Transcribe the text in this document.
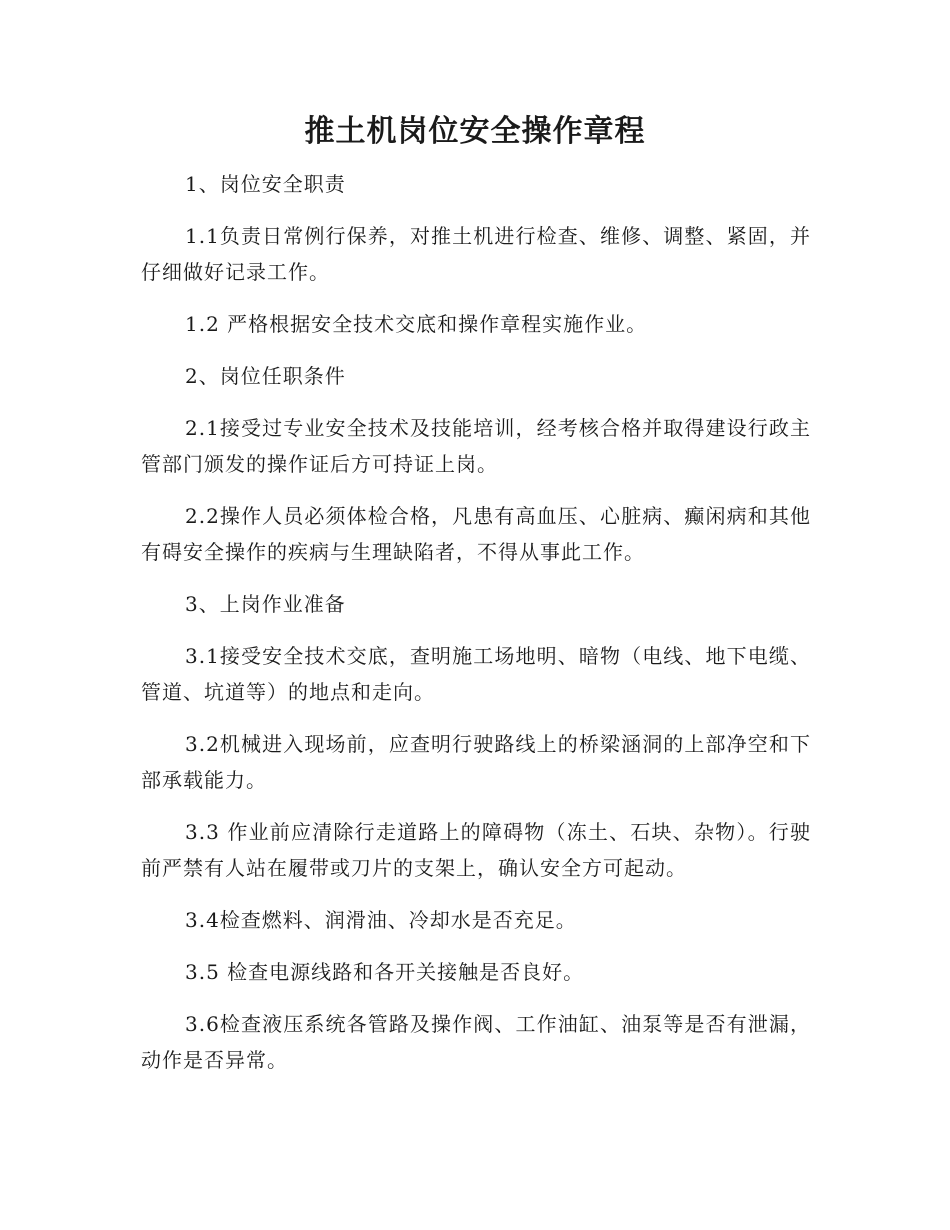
推土机岗位安全操作章程

1、岗位安全职责

1.1负责日常例行保养，对推土机进行检查、维修、调整、紧固，并仔细做好记录工作。

1.2 严格根据安全技术交底和操作章程实施作业。

2、岗位任职条件

2.1接受过专业安全技术及技能培训，经考核合格并取得建设行政主管部门颁发的操作证后方可持证上岗。

2.2操作人员必须体检合格，凡患有高血压、心脏病、癫闲病和其他有碍安全操作的疾病与生理缺陷者，不得从事此工作。

3、上岗作业准备

3.1接受安全技术交底，查明施工场地明、暗物（电线、地下电缆、管道、坑道等）的地点和走向。

3.2机械进入现场前，应查明行驶路线上的桥梁涵洞的上部净空和下部承载能力。

3.3 作业前应清除行走道路上的障碍物（冻土、石块、杂物）。行驶前严禁有人站在履带或刀片的支架上，确认安全方可起动。

3.4检查燃料、润滑油、冷却水是否充足。

3.5 检查电源线路和各开关接触是否良好。

3.6检查液压系统各管路及操作阀、工作油缸、油泵等是否有泄漏，动作是否异常。
